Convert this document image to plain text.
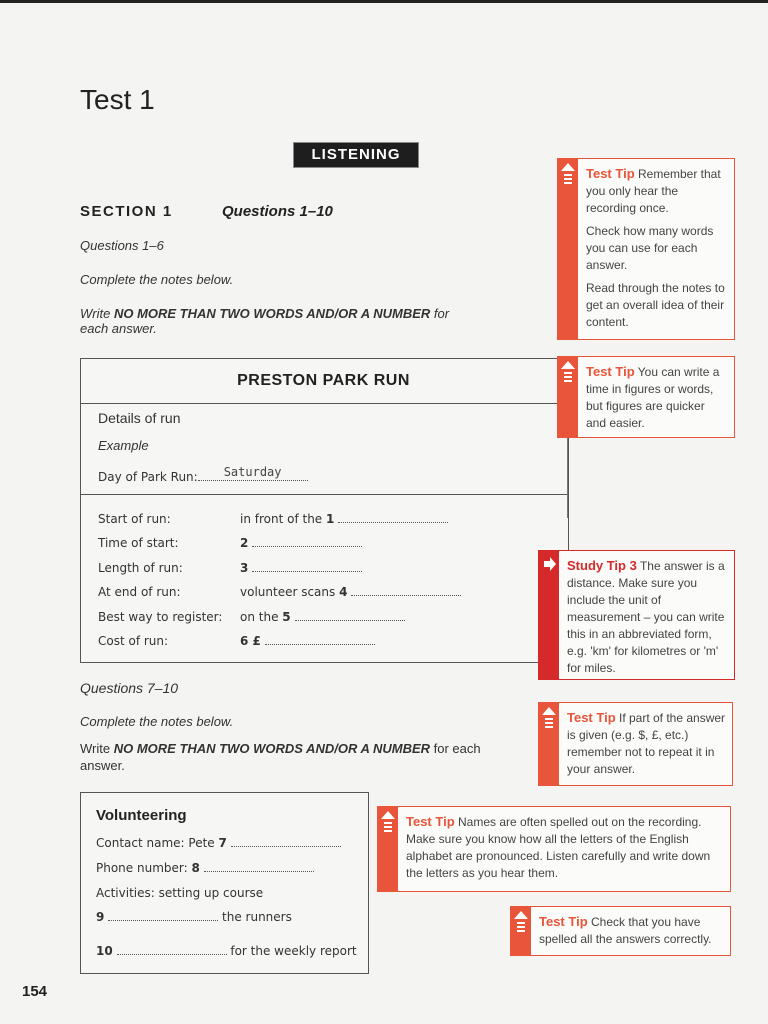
Test 1
LISTENING
SECTION 1	Questions 1–10
Questions 1–6
Complete the notes below.
Write NO MORE THAN TWO WORDS AND/OR A NUMBER for each answer.
PRESTON PARK RUN
Details of run
Example
Day of Park Run: Saturday
Start of run:	in front of the 1
Time of start:	2
Length of run:	3
At end of run:	volunteer scans 4
Best way to register: on the 5
Cost of run:	6 £
Questions 7–10
Complete the notes below.
Write NO MORE THAN TWO WORDS AND/OR A NUMBER for each answer.
Volunteering
Contact name: Pete 7
Phone number: 8
Activities: setting up course
9	the runners
10	for the weekly report

Test Tip Remember that you only hear the recording once.

Check how many words you can use for each answer.

Read through the notes to get an overall idea of their content.

Test Tip You can write a time in figures or words, but figures are quicker and easier.
Study Tip 3 The answer is a distance. Make sure you include the unit of measurement – you can write this in an abbreviated form, e.g. 'km' for kilometres or 'm' for miles.
Test Tip If part of the answer is given (e.g. $, £, etc.) remember not to repeat it in your answer.
Test Tip Names are often spelled out on the recording. Make sure you know how all the letters of the English alphabet are pronounced. Listen carefully and write down the letters as you hear them.
Test Tip Check that you have spelled all the answers correctly.
154
